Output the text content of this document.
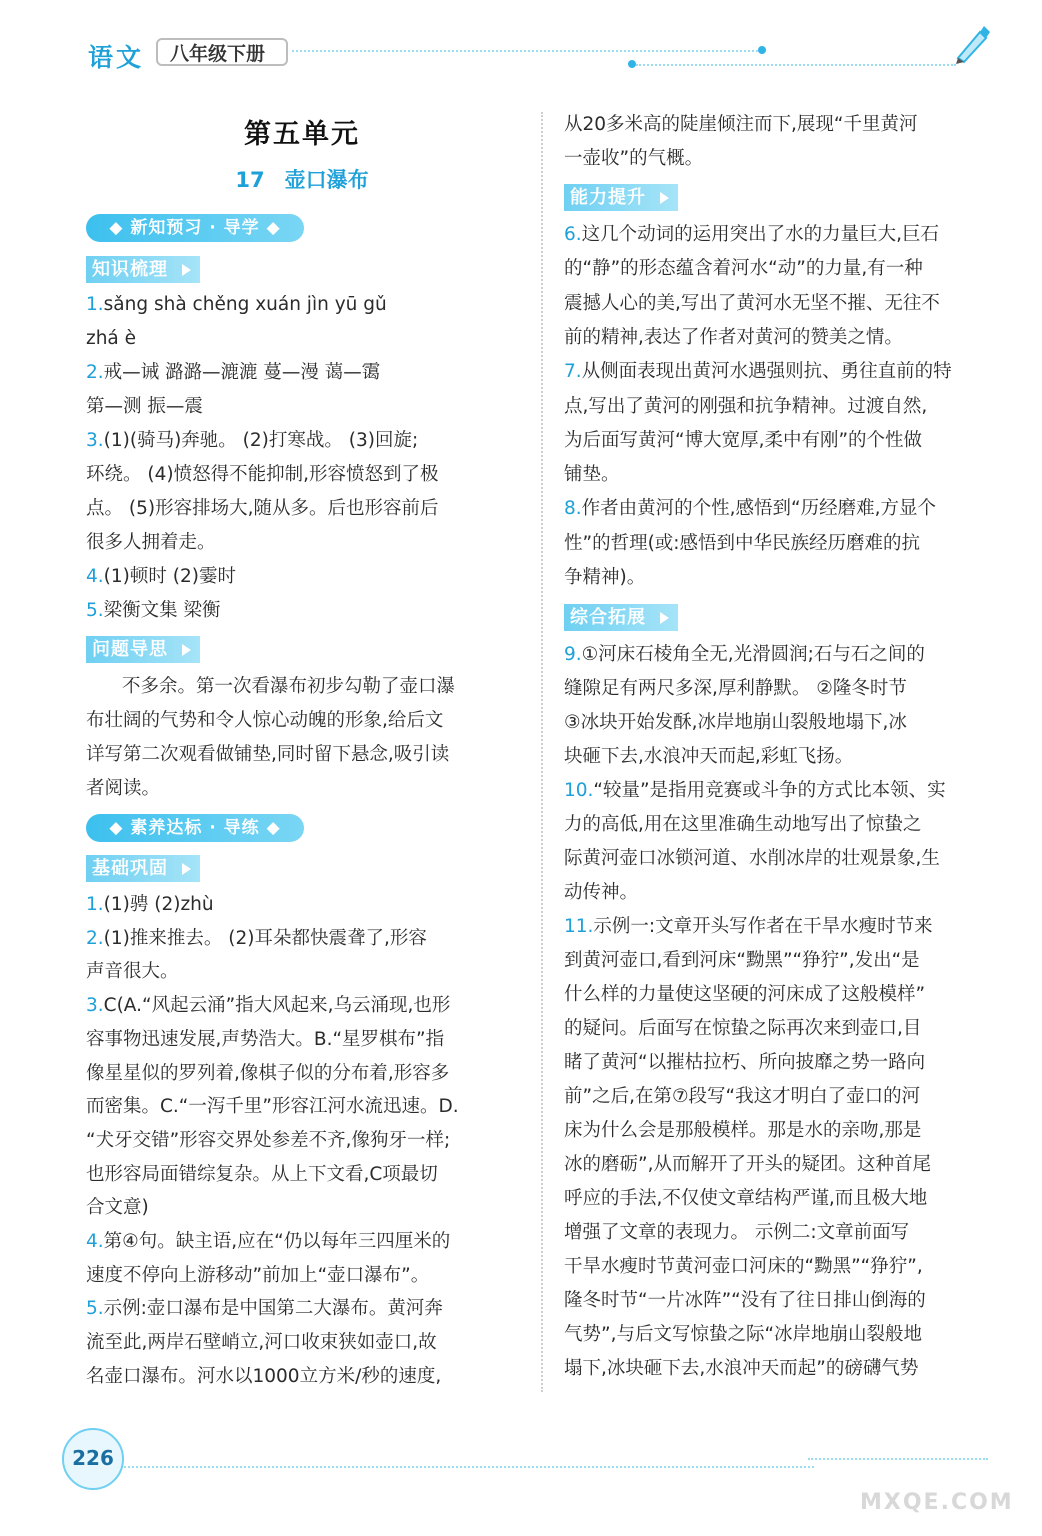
语文 八年级下册
第五单元
17 壶口瀑布
◆ 新知预习 · 导学 ◆
知识梳理
1.sǎng shà chěng xuán jìn yū gǔ
zhá è
2.戒—诫 潞潞—漉漉 蔓—漫 蔼—霭
第—测 振—震
3.(1)(骑马)奔驰。 (2)打寒战。 (3)回旋;
环绕。 (4)愤怒得不能抑制,形容愤怒到了极
点。 (5)形容排场大,随从多。后也形容前后
很多人拥着走。
4.(1)顿时 (2)霎时
5.梁衡文集 梁衡
问题导思
不多余。第一次看瀑布初步勾勒了壶口瀑
布壮阔的气势和令人惊心动魄的形象,给后文
详写第二次观看做铺垫,同时留下悬念,吸引读
者阅读。
◆ 素养达标 · 导练 ◆
基础巩固
1.(1)骋 (2)zhù
2.(1)推来推去。 (2)耳朵都快震聋了,形容
声音很大。
3.C(A.“风起云涌”指大风起来,乌云涌现,也形
容事物迅速发展,声势浩大。B.“星罗棋布”指
像星星似的罗列着,像棋子似的分布着,形容多
而密集。C.“一泻千里”形容江河水流迅速。D.
“犬牙交错”形容交界处参差不齐,像狗牙一样;
也形容局面错综复杂。从上下文看,C项最切
合文意)
4.第④句。缺主语,应在“仍以每年三四厘米的
速度不停向上游移动”前加上“壶口瀑布”。
5.示例:壶口瀑布是中国第二大瀑布。黄河奔
流至此,两岸石壁峭立,河口收束狭如壶口,故
名壶口瀑布。河水以1000立方米/秒的速度,
从20多米高的陡崖倾注而下,展现“千里黄河
一壶收”的气概。
能力提升
6.这几个动词的运用突出了水的力量巨大,巨石
的“静”的形态蕴含着河水“动”的力量,有一种
震撼人心的美,写出了黄河水无坚不摧、无往不
前的精神,表达了作者对黄河的赞美之情。
7.从侧面表现出黄河水遇强则抗、勇往直前的特
点,写出了黄河的刚强和抗争精神。过渡自然,
为后面写黄河“博大宽厚,柔中有刚”的个性做
铺垫。
8.作者由黄河的个性,感悟到“历经磨难,方显个
性”的哲理(或:感悟到中华民族经历磨难的抗
争精神)。
综合拓展
9.①河床石棱角全无,光滑圆润;石与石之间的
缝隙足有两尺多深,厚利静默。 ②隆冬时节
③冰块开始发酥,冰岸地崩山裂般地塌下,冰
块砸下去,水浪冲天而起,彩虹飞扬。
10.“较量”是指用竞赛或斗争的方式比本领、实
力的高低,用在这里准确生动地写出了惊蛰之
际黄河壶口冰锁河道、水削冰岸的壮观景象,生
动传神。
11.示例一:文章开头写作者在干旱水瘦时节来
到黄河壶口,看到河床“黝黑”“狰狞”,发出“是
什么样的力量使这坚硬的河床成了这般模样”
的疑问。后面写在惊蛰之际再次来到壶口,目
睹了黄河“以摧枯拉朽、所向披靡之势一路向
前”之后,在第⑦段写“我这才明白了壶口的河
床为什么会是那般模样。那是水的亲吻,那是
冰的磨砺”,从而解开了开头的疑团。这种首尾
呼应的手法,不仅使文章结构严谨,而且极大地
增强了文章的表现力。 示例二:文章前面写
干旱水瘦时节黄河壶口河床的“黝黑”“狰狞”,
隆冬时节“一片冰阵”“没有了往日排山倒海的
气势”,与后文写惊蛰之际“冰岸地崩山裂般地
塌下,冰块砸下去,水浪冲天而起”的磅礴气势
226
MXQE.COM
